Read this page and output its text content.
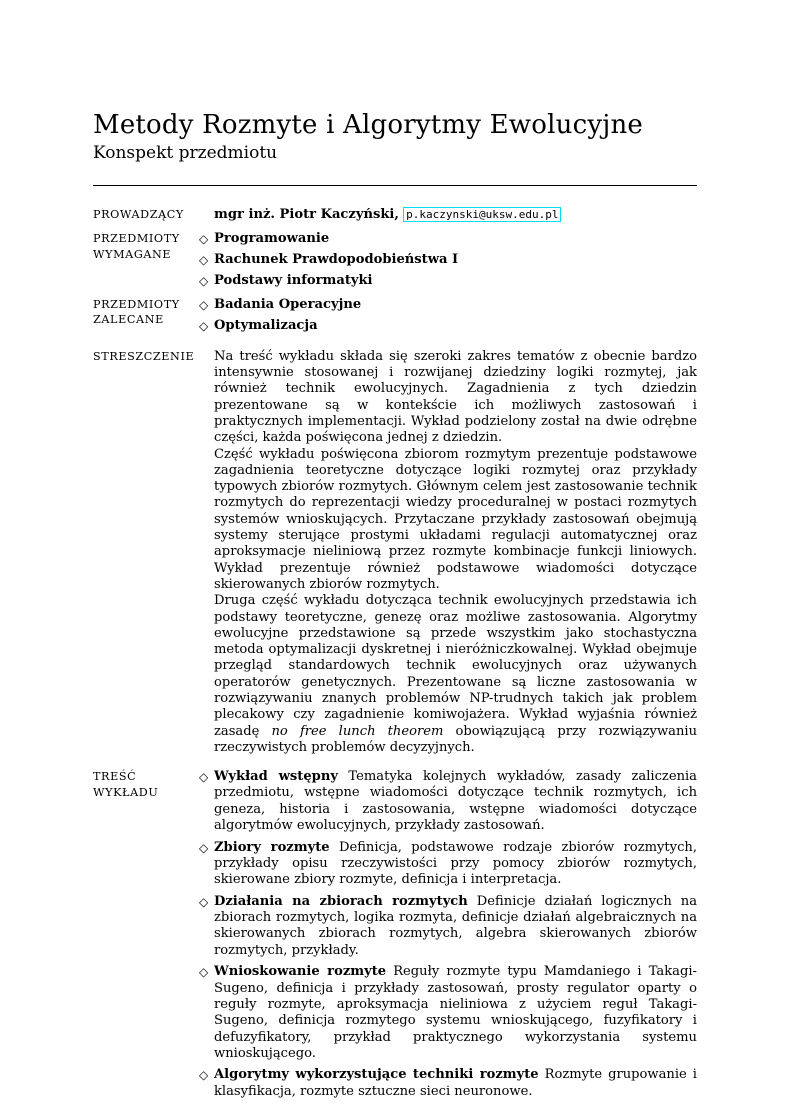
Metody Rozmyte i Algorytmy Ewolucyjne
Konspekt przedmiotu
PROWADZĄCY	mgr inż. Piotr Kaczyński, p.kaczynski@uksw.edu.pl
PRZEDMIOTY
WYMAGANE
◇ Programowanie
◇ Rachunek Prawdopodobieństwa I
◇ Podstawy informatyki
PRZEDMIOTY
ZALECANE
◇ Badania Operacyjne
◇ Optymalizacja
STRESZCZENIE	Na treść wykładu składa się szeroki zakres tematów z obecnie bardzo intensywnie stosowanej i rozwijanej dziedziny logiki rozmytej, jak również technik ewolucyjnych. Zagadnienia z tych dziedzin prezentowane są w kontekście ich możliwych zastosowań i praktycznych implementacji. Wykład podzielony został na dwie odrębne części, każda poświęcona jednej z dziedzin.

Część wykładu poświęcona zbiorom rozmytym prezentuje podstawowe zagadnienia teoretyczne dotyczące logiki rozmytej oraz przykłady typowych zbiorów rozmytych. Głównym celem jest zastosowanie technik rozmytych do reprezentacji wiedzy proceduralnej w postaci rozmytych systemów wnioskujących. Przytaczane przykłady zastosowań obejmują systemy sterujące prostymi układami regulacji automatycznej oraz aproksymacje nieliniową przez rozmyte kombinacje funkcji liniowych. Wykład prezentuje również podstawowe wiadomości dotyczące skierowanych zbiorów rozmytych.

Druga część wykładu dotycząca technik ewolucyjnych przedstawia ich podstawy teoretyczne, genezę oraz możliwe zastosowania. Algorytmy ewolucyjne przedstawione są przede wszystkim jako stochastyczna metoda optymalizacji dyskretnej i nieróżniczkowalnej. Wykład obejmuje przegląd standardowych technik ewolucyjnych oraz używanych operatorów genetycznych. Prezentowane są liczne zastosowania w rozwiązywaniu znanych problemów NP-trudnych takich jak problem plecakowy czy zagadnienie komiwojażera. Wykład wyjaśnia również zasadę no free lunch theorem obowiązującą przy rozwiązywaniu rzeczywistych problemów decyzyjnych.

TREŚĆ
WYKŁADU
◇ Wykład wstępny Tematyka kolejnych wykładów, zasady zaliczenia przedmiotu, wstępne wiadomości dotyczące technik rozmytych, ich geneza, historia i zastosowania, wstępne wiadomości dotyczące algorytmów ewolucyjnych, przykłady zastosowań.
◇ Zbiory rozmyte Definicja, podstawowe rodzaje zbiorów rozmytych, przykłady opisu rzeczywistości przy pomocy zbiorów rozmytych, skierowane zbiory rozmyte, definicja i interpretacja.
◇ Działania na zbiorach rozmytych Definicje działań logicznych na zbiorach rozmytych, logika rozmyta, definicje działań algebraicznych na skierowanych zbiorach rozmytych, algebra skierowanych zbiorów rozmytych, przykłady.
◇ Wnioskowanie rozmyte Reguły rozmyte typu Mamdaniego i Takagi-Sugeno, definicja i przykłady zastosowań, prosty regulator oparty o reguły rozmyte, aproksymacja nieliniowa z użyciem reguł Takagi-Sugeno, definicja rozmytego systemu wnioskującego, fuzyfikatory i defuzyfikatory, przykład praktycznego wykorzystania systemu wnioskującego.
◇ Algorytmy wykorzystujące techniki rozmyte Rozmyte grupowanie i klasyfikacja, rozmyte sztuczne sieci neuronowe.
